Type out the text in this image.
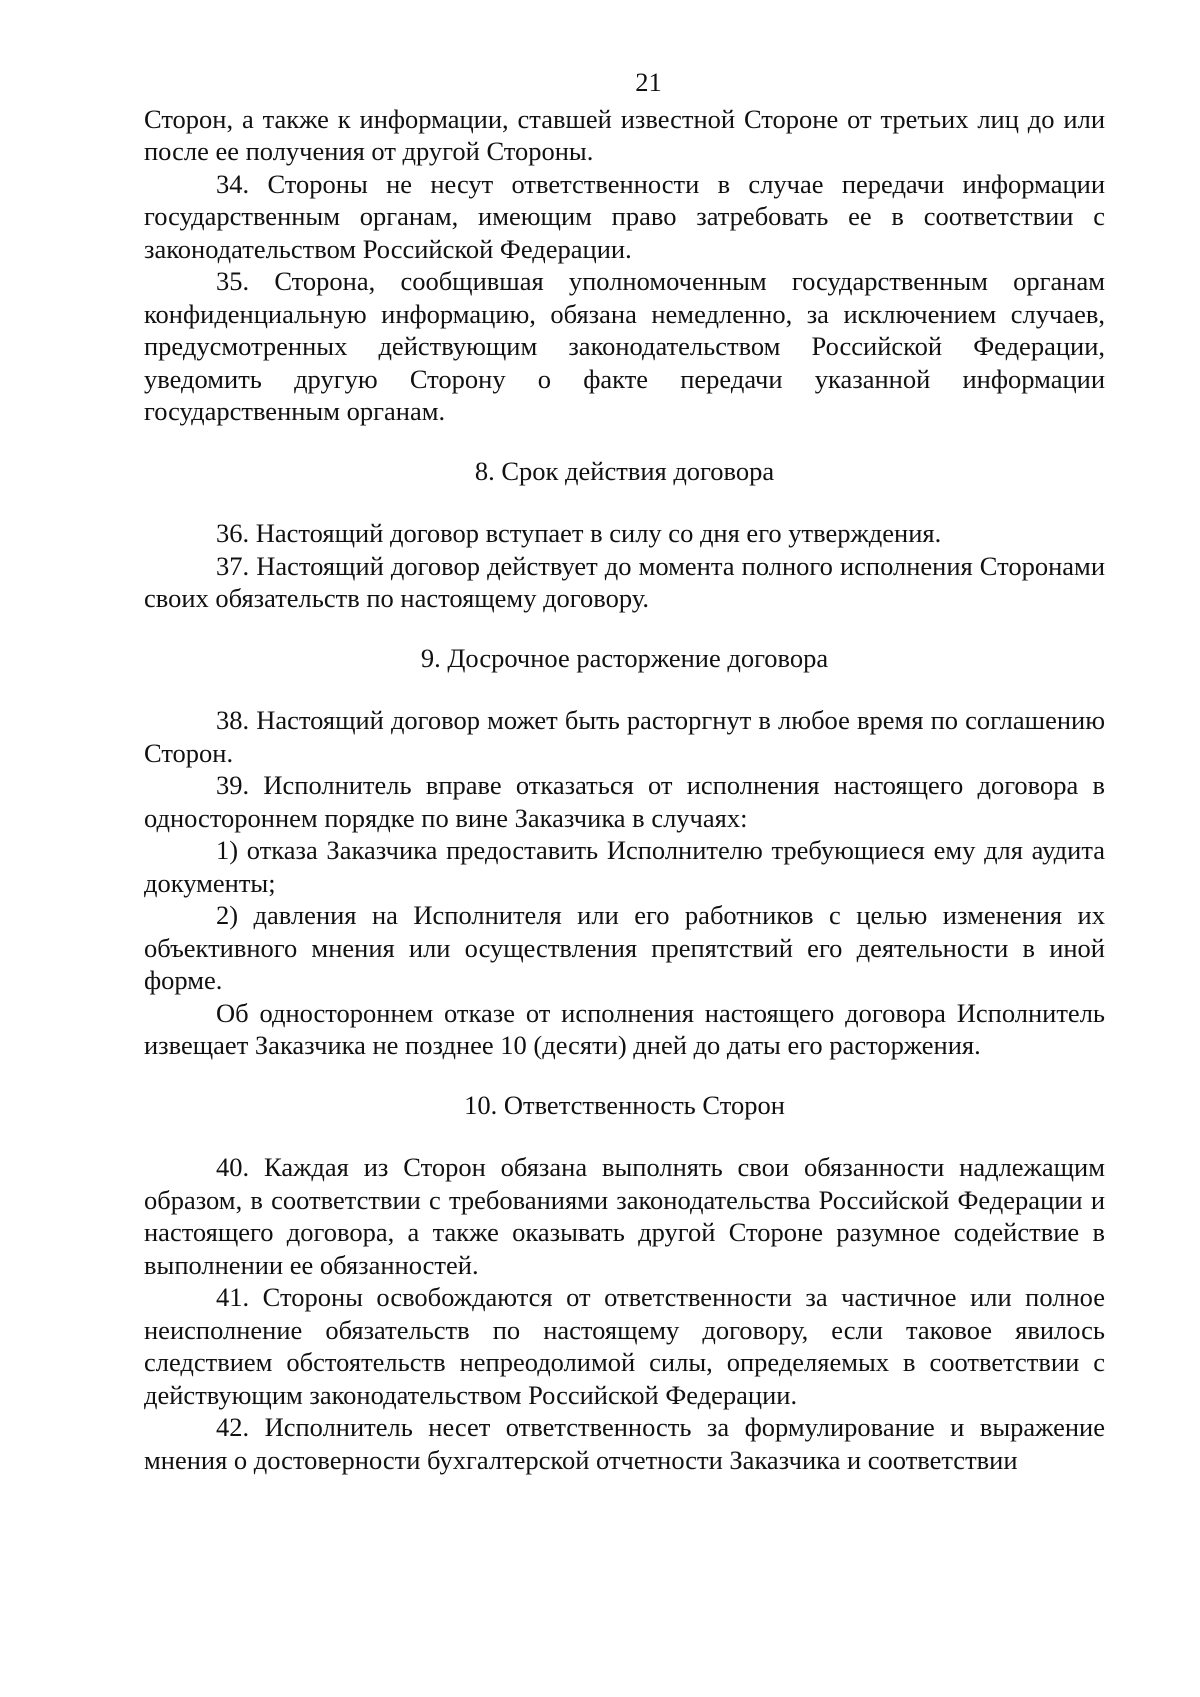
21
Сторон, а также к информации, ставшей известной Стороне от третьих лиц до или после ее получения от другой Стороны.
34. Стороны не несут ответственности в случае передачи информации государственным органам, имеющим право затребовать ее в соответствии с законодательством Российской Федерации.
35. Сторона, сообщившая уполномоченным государственным органам конфиденциальную информацию, обязана немедленно, за исключением случаев, предусмотренных действующим законодательством Российской Федерации, уведомить другую Сторону о факте передачи указанной информации государственным органам.
8. Срок действия договора
36. Настоящий договор вступает в силу со дня его утверждения.
37. Настоящий договор действует до момента полного исполнения Сторонами своих обязательств по настоящему договору.
9. Досрочное расторжение договора
38. Настоящий договор может быть расторгнут в любое время по соглашению Сторон.
39. Исполнитель вправе отказаться от исполнения настоящего договора в одностороннем порядке по вине Заказчика в случаях:
1) отказа Заказчика предоставить Исполнителю требующиеся ему для аудита документы;
2) давления на Исполнителя или его работников с целью изменения их объективного мнения или осуществления препятствий его деятельности в иной форме.
Об одностороннем отказе от исполнения настоящего договора Исполнитель извещает Заказчика не позднее 10 (десяти) дней до даты его расторжения.
10. Ответственность Сторон
40. Каждая из Сторон обязана выполнять свои обязанности надлежащим образом, в соответствии с требованиями законодательства Российской Федерации и настоящего договора, а также оказывать другой Стороне разумное содействие в выполнении ее обязанностей.
41. Стороны освобождаются от ответственности за частичное или полное неисполнение обязательств по настоящему договору, если таковое явилось следствием обстоятельств непреодолимой силы, определяемых в соответствии с действующим законодательством Российской Федерации.
42. Исполнитель несет ответственность за формулирование и выражение мнения о достоверности бухгалтерской отчетности Заказчика и соответствии
